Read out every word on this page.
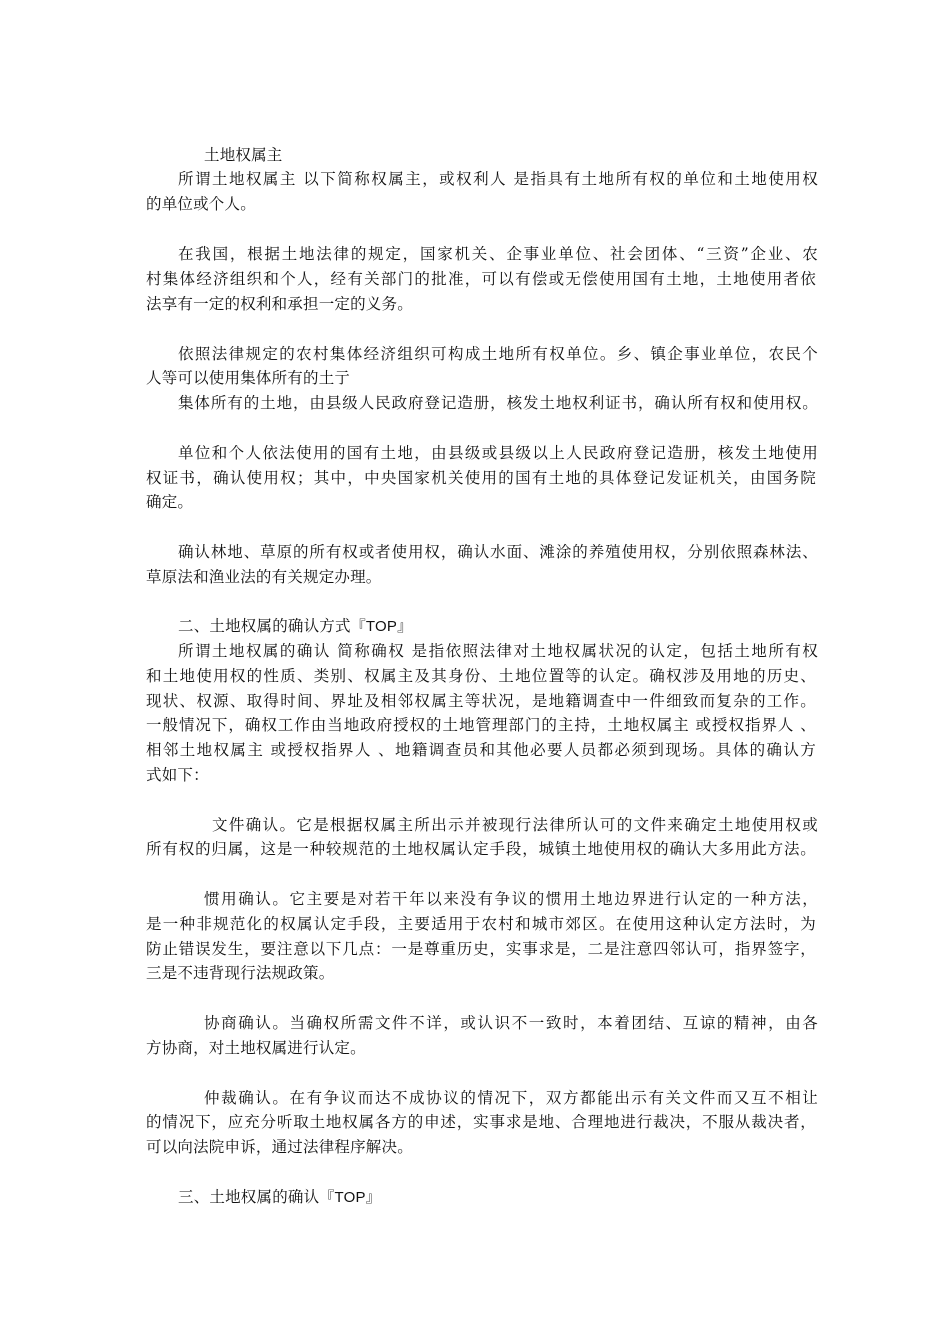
土地权属主
所谓土地权属主 以下简称权属主，或权利人 是指具有土地所有权的单位和土地使用权
的单位或个人。
在我国，根据土地法律的规定，国家机关、企事业单位、社会团体、“三资”企业、农
村集体经济组织和个人，经有关部门的批准，可以有偿或无偿使用国有土地，土地使用者依
法享有一定的权利和承担一定的义务。
依照法律规定的农村集体经济组织可构成土地所有权单位。乡、镇企事业单位，农民个
人等可以使用集体所有的土亍
集体所有的土地，由县级人民政府登记造册，核发土地权利证书，确认所有权和使用权。
单位和个人依法使用的国有土地，由县级或县级以上人民政府登记造册，核发土地使用
权证书，确认使用权；其中，中央国家机关使用的国有土地的具体登记发证机关，由国务院
确定。
确认林地、草原的所有权或者使用权，确认水面、滩涂的养殖使用权，分别依照森林法、
草原法和渔业法的有关规定办理。
二、土地权属的确认方式『TOP』
所谓土地权属的确认 简称确权 是指依照法律对土地权属状况的认定，包括土地所有权
和土地使用权的性质、类别、权属主及其身份、土地位置等的认定。确权涉及用地的历史、
现状、权源、取得时间、界址及相邻权属主等状况，是地籍调查中一件细致而复杂的工作。
一般情况下，确权工作由当地政府授权的土地管理部门的主持，土地权属主 或授权指界人 、
相邻土地权属主 或授权指界人 、地籍调查员和其他必要人员都必须到现场。具体的确认方
式如下：
文件确认。它是根据权属主所出示并被现行法律所认可的文件来确定土地使用权或
所有权的归属，这是一种较规范的土地权属认定手段，城镇土地使用权的确认大多用此方法。
惯用确认。它主要是对若干年以来没有争议的惯用土地边界进行认定的一种方法，
是一种非规范化的权属认定手段，主要适用于农村和城市郊区。在使用这种认定方法时，为
防止错误发生，要注意以下几点：一是尊重历史，实事求是，二是注意四邻认可，指界签字，
三是不违背现行法规政策。
协商确认。当确权所需文件不详，或认识不一致时，本着团结、互谅的精神，由各
方协商，对土地权属进行认定。
仲裁确认。在有争议而达不成协议的情况下，双方都能出示有关文件而又互不相让
的情况下，应充分听取土地权属各方的申述，实事求是地、合理地进行裁决，不服从裁决者，
可以向法院申诉，通过法律程序解决。
三、土地权属的确认『TOP』
